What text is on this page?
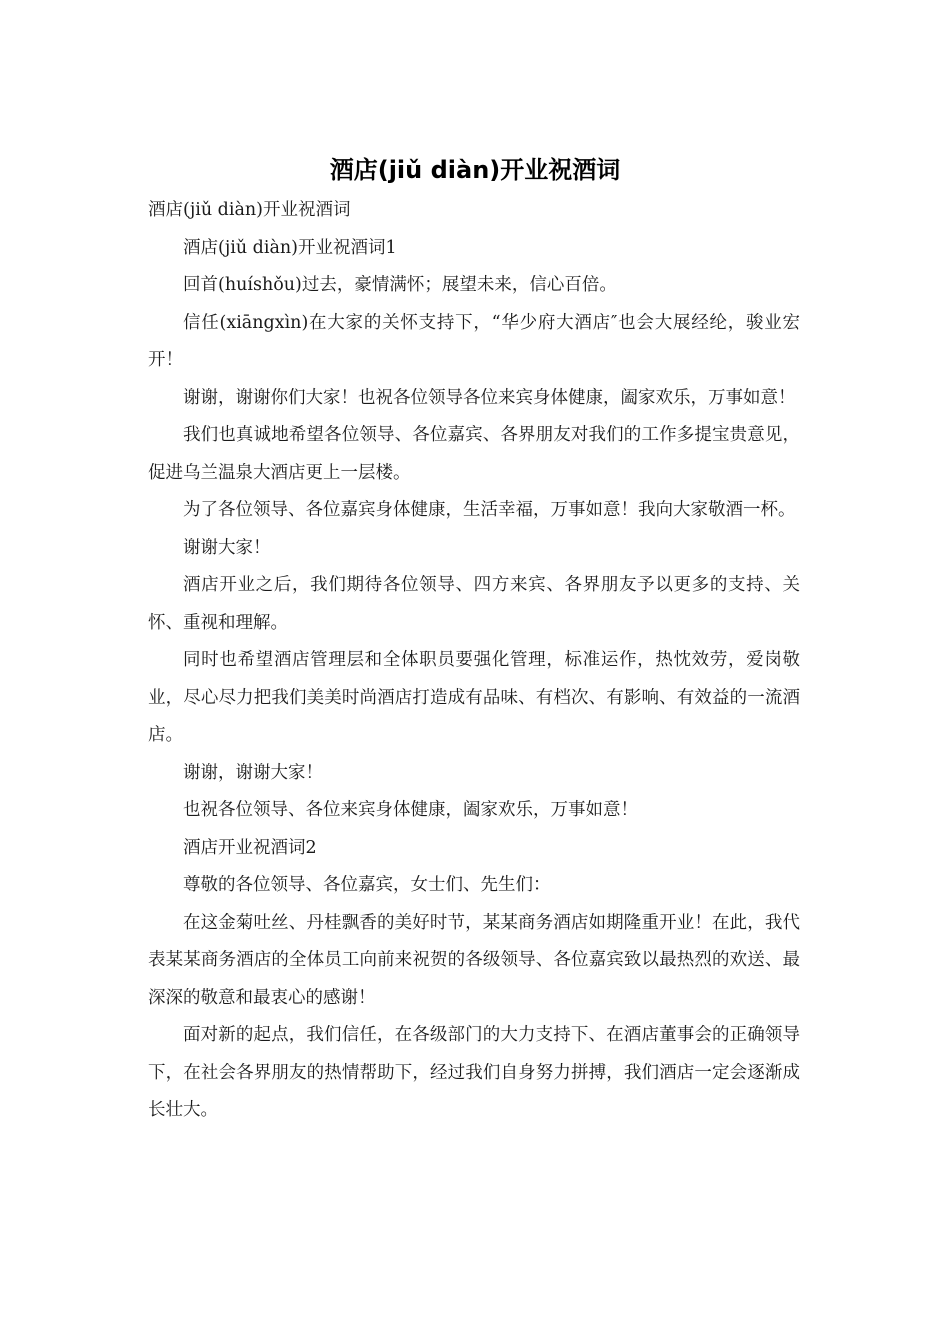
酒店(jiǔ diàn)开业祝酒词

酒店(jiǔ diàn)开业祝酒词

酒店(jiǔ diàn)开业祝酒词1

回首(huíshǒu)过去，豪情满怀；展望未来，信心百倍。

信任(xiāngxìn)在大家的关怀支持下，“华少府大酒店″也会大展经纶，骏业宏开！

谢谢，谢谢你们大家！也祝各位领导各位来宾身体健康，阖家欢乐，万事如意！

我们也真诚地希望各位领导、各位嘉宾、各界朋友对我们的工作多提宝贵意见，促进乌兰温泉大酒店更上一层楼。

为了各位领导、各位嘉宾身体健康，生活幸福，万事如意！我向大家敬酒一杯。

谢谢大家！

酒店开业之后，我们期待各位领导、四方来宾、各界朋友予以更多的支持、关怀、重视和理解。

同时也希望酒店管理层和全体职员要强化管理，标准运作，热忱效劳，爱岗敬业，尽心尽力把我们美美时尚酒店打造成有品味、有档次、有影响、有效益的一流酒店。

谢谢，谢谢大家！

也祝各位领导、各位来宾身体健康，阖家欢乐，万事如意！

酒店开业祝酒词2

尊敬的各位领导、各位嘉宾，女士们、先生们：

在这金菊吐丝、丹桂飘香的美好时节，某某商务酒店如期隆重开业！在此，我代表某某商务酒店的全体员工向前来祝贺的各级领导、各位嘉宾致以最热烈的欢送、最深深的敬意和最衷心的感谢！

面对新的起点，我们信任，在各级部门的大力支持下、在酒店董事会的正确领导下，在社会各界朋友的热情帮助下，经过我们自身努力拼搏，我们酒店一定会逐渐成长壮大。
